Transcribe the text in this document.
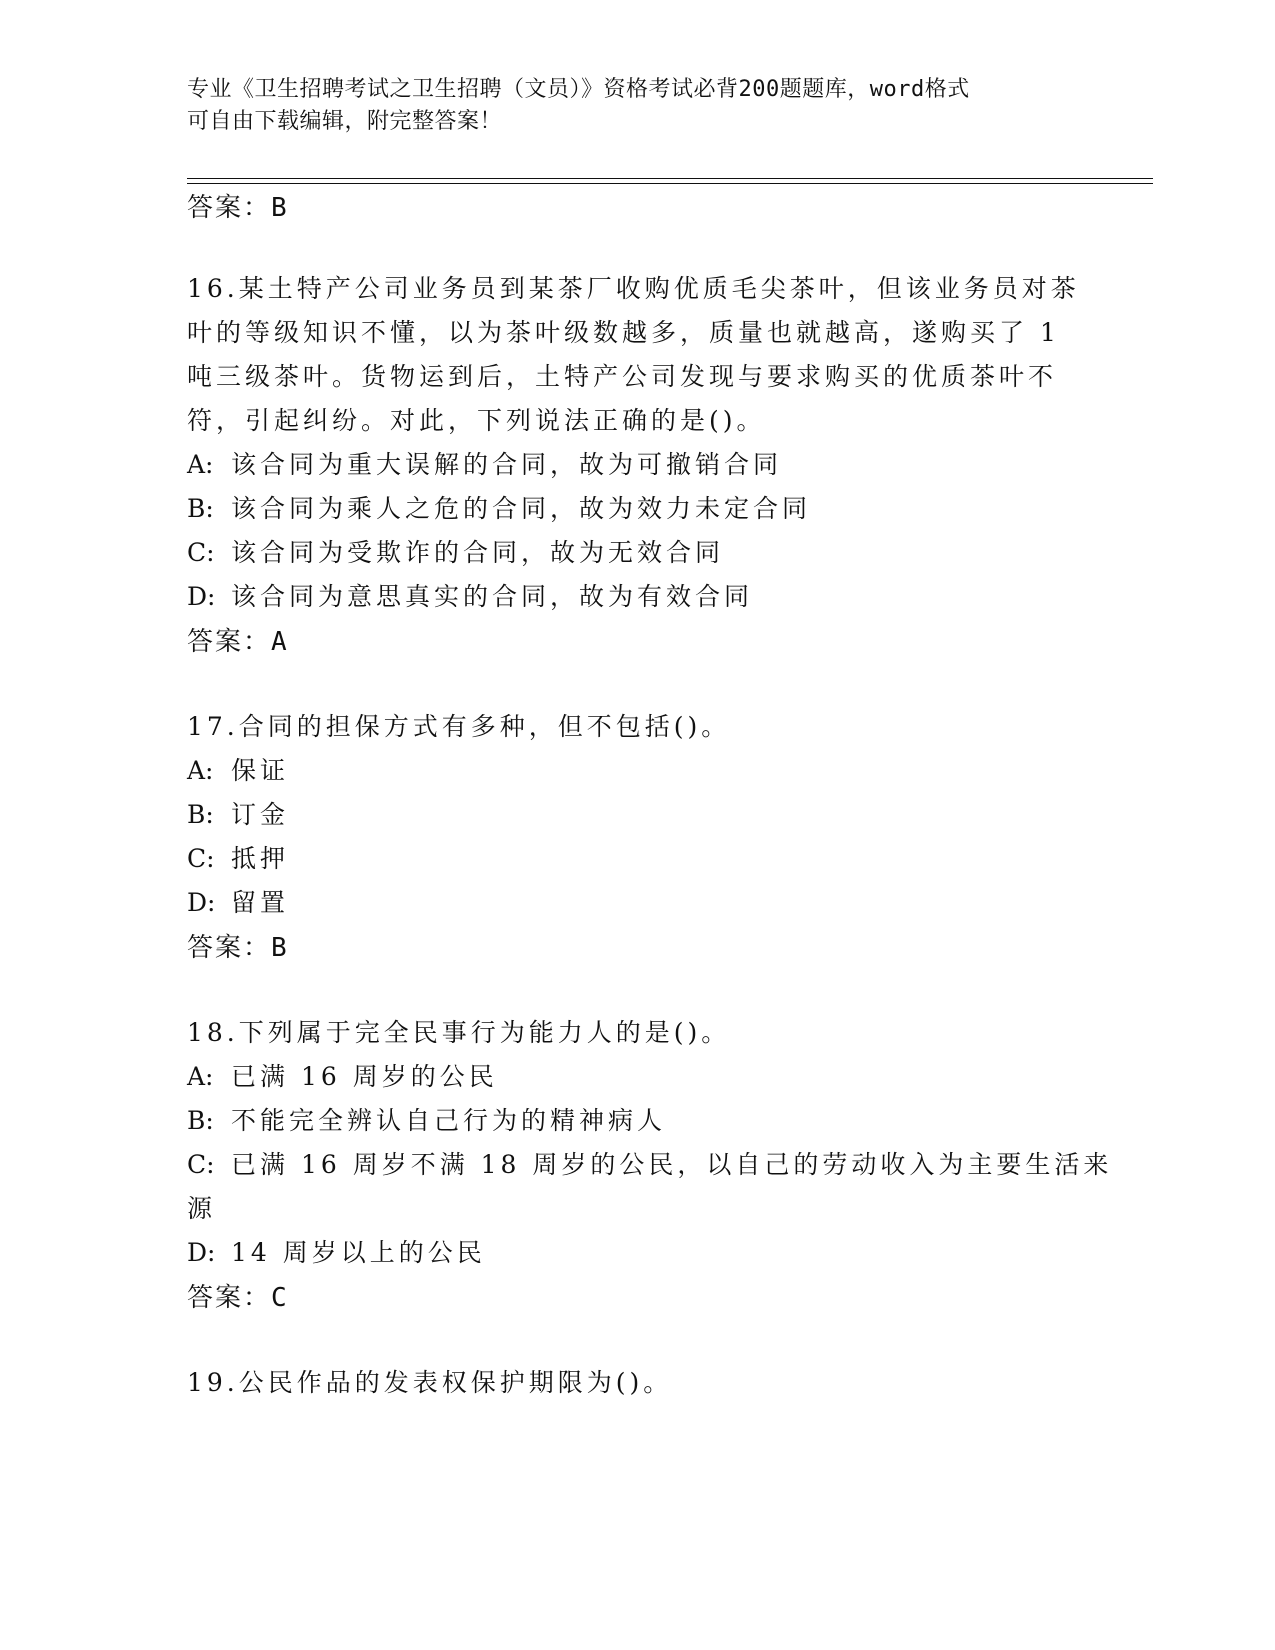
专业《卫生招聘考试之卫生招聘（文员）》资格考试必背200题题库，word格式
可自由下载编辑，附完整答案！
答案：B
16.某土特产公司业务员到某茶厂收购优质毛尖茶叶，但该业务员对茶
叶的等级知识不懂，以为茶叶级数越多，质量也就越高，遂购买了 1
吨三级茶叶。货物运到后，土特产公司发现与要求购买的优质茶叶不
符，引起纠纷。对此，下列说法正确的是()。
A: 该合同为重大误解的合同，故为可撤销合同
B: 该合同为乘人之危的合同，故为效力未定合同
C: 该合同为受欺诈的合同，故为无效合同
D: 该合同为意思真实的合同，故为有效合同
答案：A
17.合同的担保方式有多种，但不包括()。
A: 保证
B: 订金
C: 抵押
D: 留置
答案：B
18.下列属于完全民事行为能力人的是()。
A: 已满 16 周岁的公民
B: 不能完全辨认自己行为的精神病人
C: 已满 16 周岁不满 18 周岁的公民，以自己的劳动收入为主要生活来
源
D: 14 周岁以上的公民
答案：C
19.公民作品的发表权保护期限为()。
